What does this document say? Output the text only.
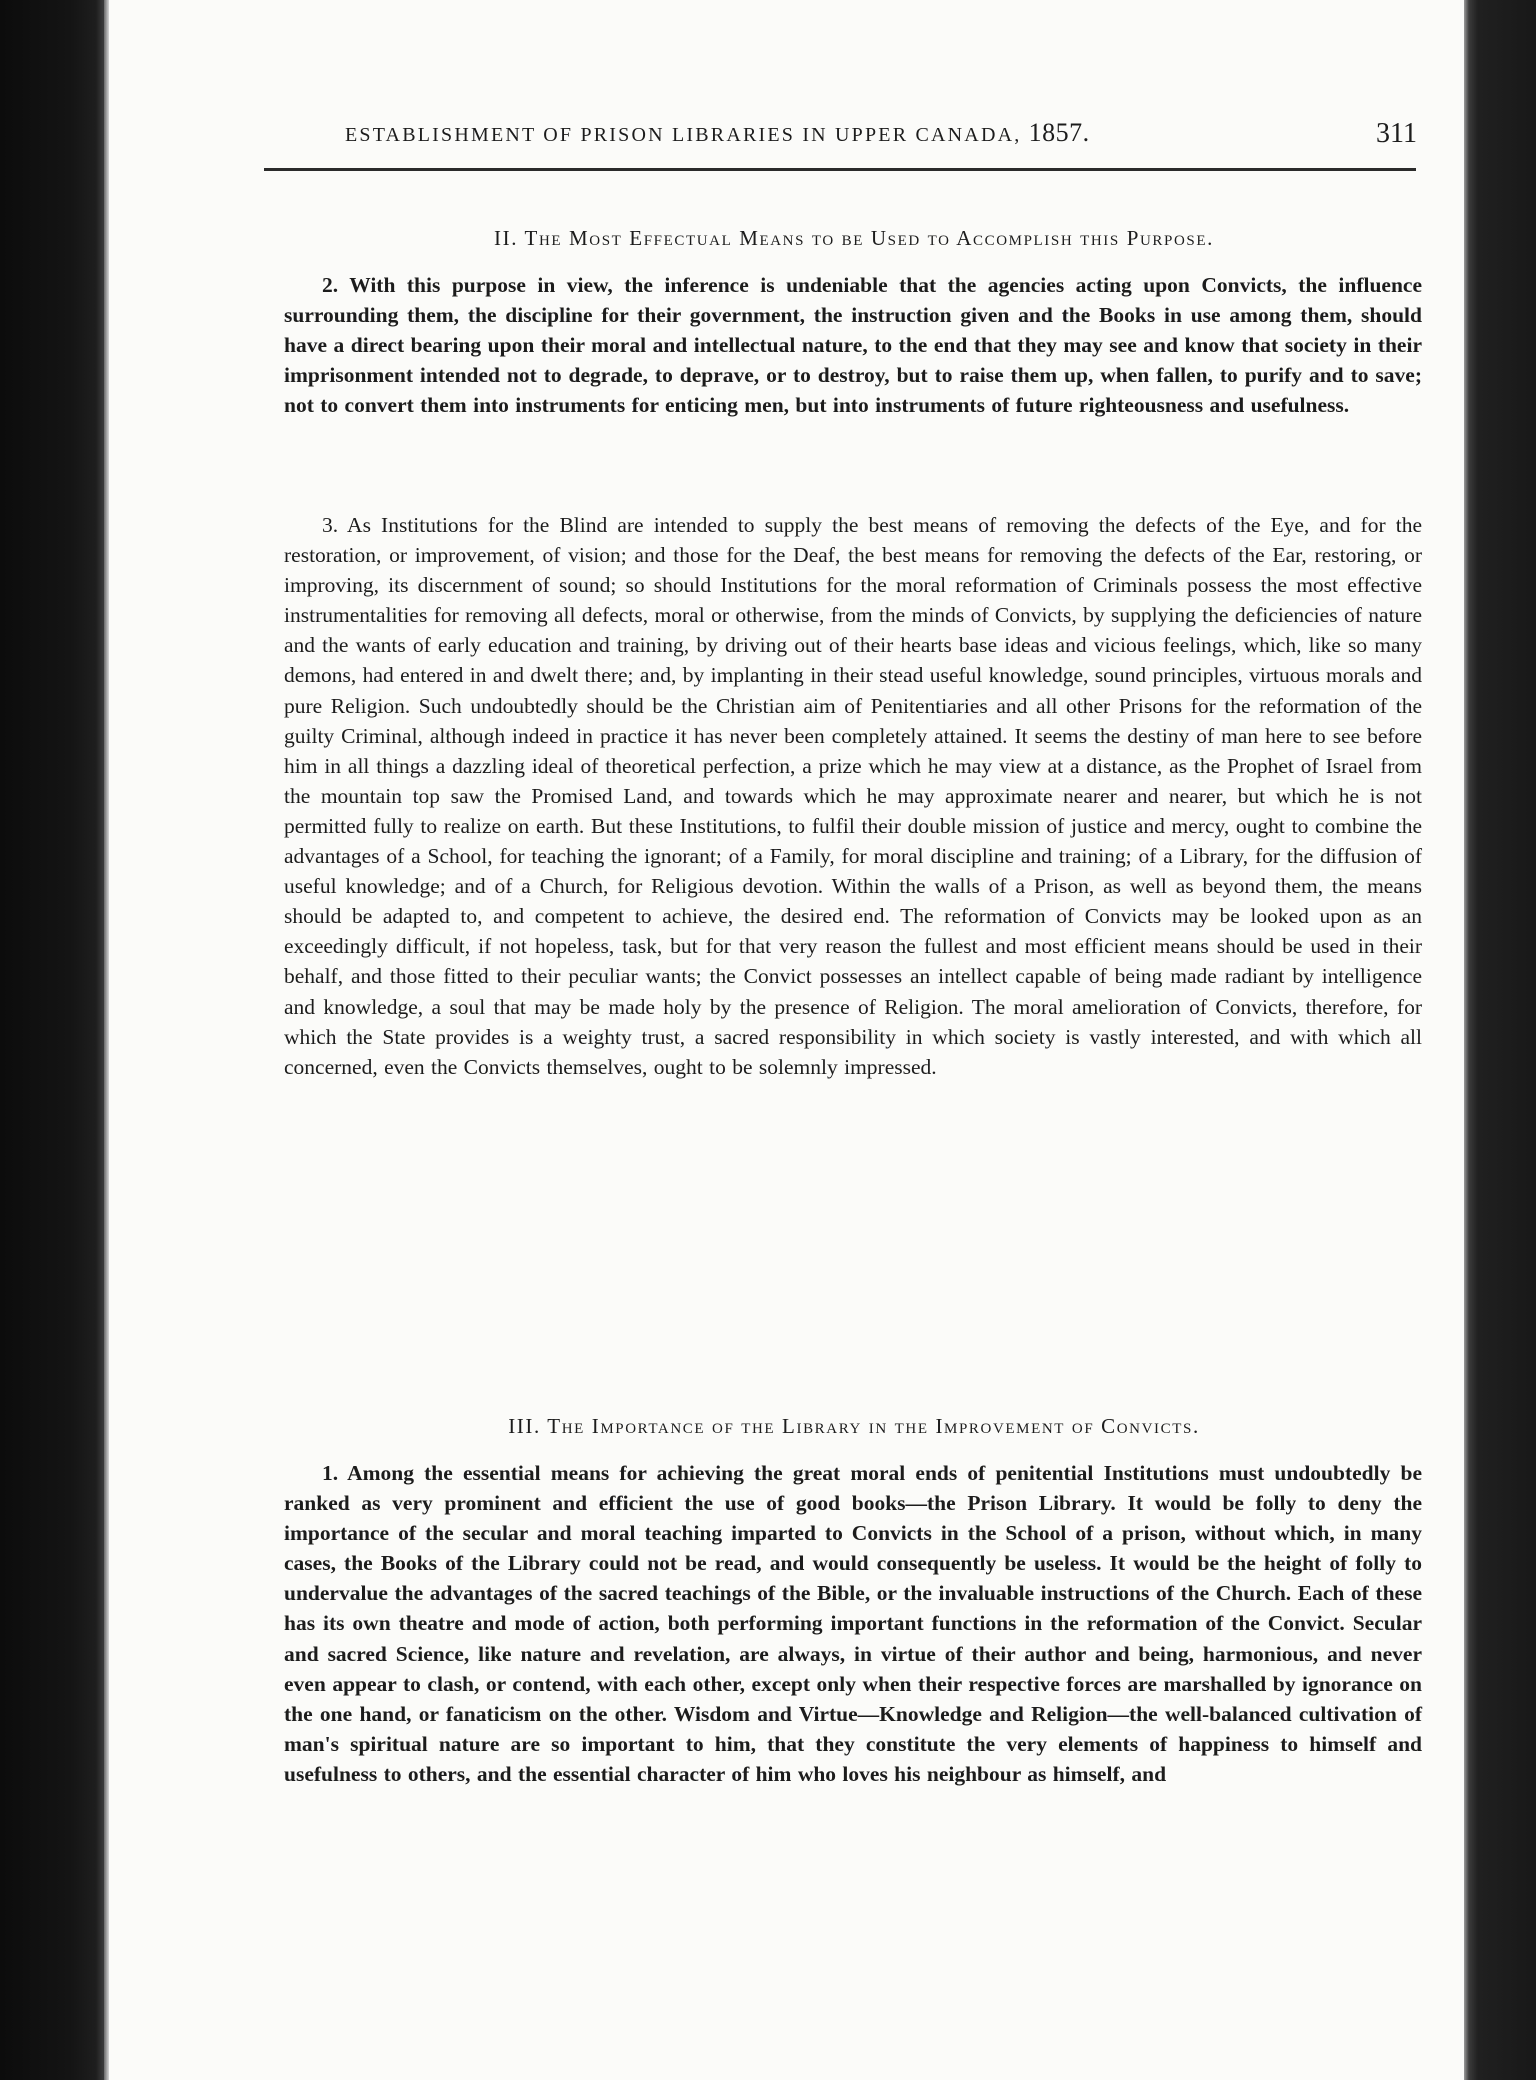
ESTABLISHMENT OF PRISON LIBRARIES IN UPPER CANADA, 1857.	311
II. The Most Effectual Means to be Used to Accomplish this Purpose.

2. With this purpose in view, the inference is undeniable that the agencies acting upon Convicts, the influence surrounding them, the discipline for their government, the instruction given and the Books in use among them, should have a direct bearing upon their moral and intellectual nature, to the end that they may see and know that society in their imprisonment intended not to degrade, to deprave, or to destroy, but to raise them up, when fallen, to purify and to save; not to convert them into instruments for enticing men, but into instruments of future righteousness and usefulness.

3. As Institutions for the Blind are intended to supply the best means of removing the defects of the Eye, and for the restoration, or improvement, of vision; and those for the Deaf, the best means for removing the defects of the Ear, restoring, or improving, its discernment of sound; so should Institutions for the moral reformation of Criminals possess the most effective instrumentalities for removing all defects, moral or otherwise, from the minds of Convicts, by supplying the deficiencies of nature and the wants of early education and training, by driving out of their hearts base ideas and vicious feelings, which, like so many demons, had entered in and dwelt there; and, by implanting in their stead useful knowledge, sound principles, virtuous morals and pure Religion. Such undoubtedly should be the Christian aim of Penitentiaries and all other Prisons for the reformation of the guilty Criminal, although indeed in practice it has never been completely attained. It seems the destiny of man here to see before him in all things a dazzling ideal of theoretical perfection, a prize which he may view at a distance, as the Prophet of Israel from the mountain top saw the Promised Land, and towards which he may approximate nearer and nearer, but which he is not permitted fully to realize on earth. But these Institutions, to fulfil their double mission of justice and mercy, ought to combine the advantages of a School, for teaching the ignorant; of a Family, for moral discipline and training; of a Library, for the diffusion of useful knowledge; and of a Church, for Religious devotion. Within the walls of a Prison, as well as beyond them, the means should be adapted to, and competent to achieve, the desired end. The reformation of Convicts may be looked upon as an exceedingly difficult, if not hopeless, task, but for that very reason the fullest and most efficient means should be used in their behalf, and those fitted to their peculiar wants; the Convict possesses an intellect capable of being made radiant by intelligence and knowledge, a soul that may be made holy by the presence of Religion. The moral amelioration of Convicts, therefore, for which the State provides is a weighty trust, a sacred responsibility in which society is vastly interested, and with which all concerned, even the Convicts themselves, ought to be solemnly impressed.

III. The Importance of the Library in the Improvement of Convicts.

1. Among the essential means for achieving the great moral ends of penitential Institutions must undoubtedly be ranked as very prominent and efficient the use of good books—the Prison Library. It would be folly to deny the importance of the secular and moral teaching imparted to Convicts in the School of a prison, without which, in many cases, the Books of the Library could not be read, and would consequently be useless. It would be the height of folly to undervalue the advantages of the sacred teachings of the Bible, or the invaluable instructions of the Church. Each of these has its own theatre and mode of action, both performing important functions in the reformation of the Convict. Secular and sacred Science, like nature and revelation, are always, in virtue of their author and being, harmonious, and never even appear to clash, or contend, with each other, except only when their respective forces are marshalled by ignorance on the one hand, or fanaticism on the other. Wisdom and Virtue—Knowledge and Religion—the well-balanced cultivation of man's spiritual nature are so important to him, that they constitute the very elements of happiness to himself and usefulness to others, and the essential character of him who loves his neighbour as himself, and
